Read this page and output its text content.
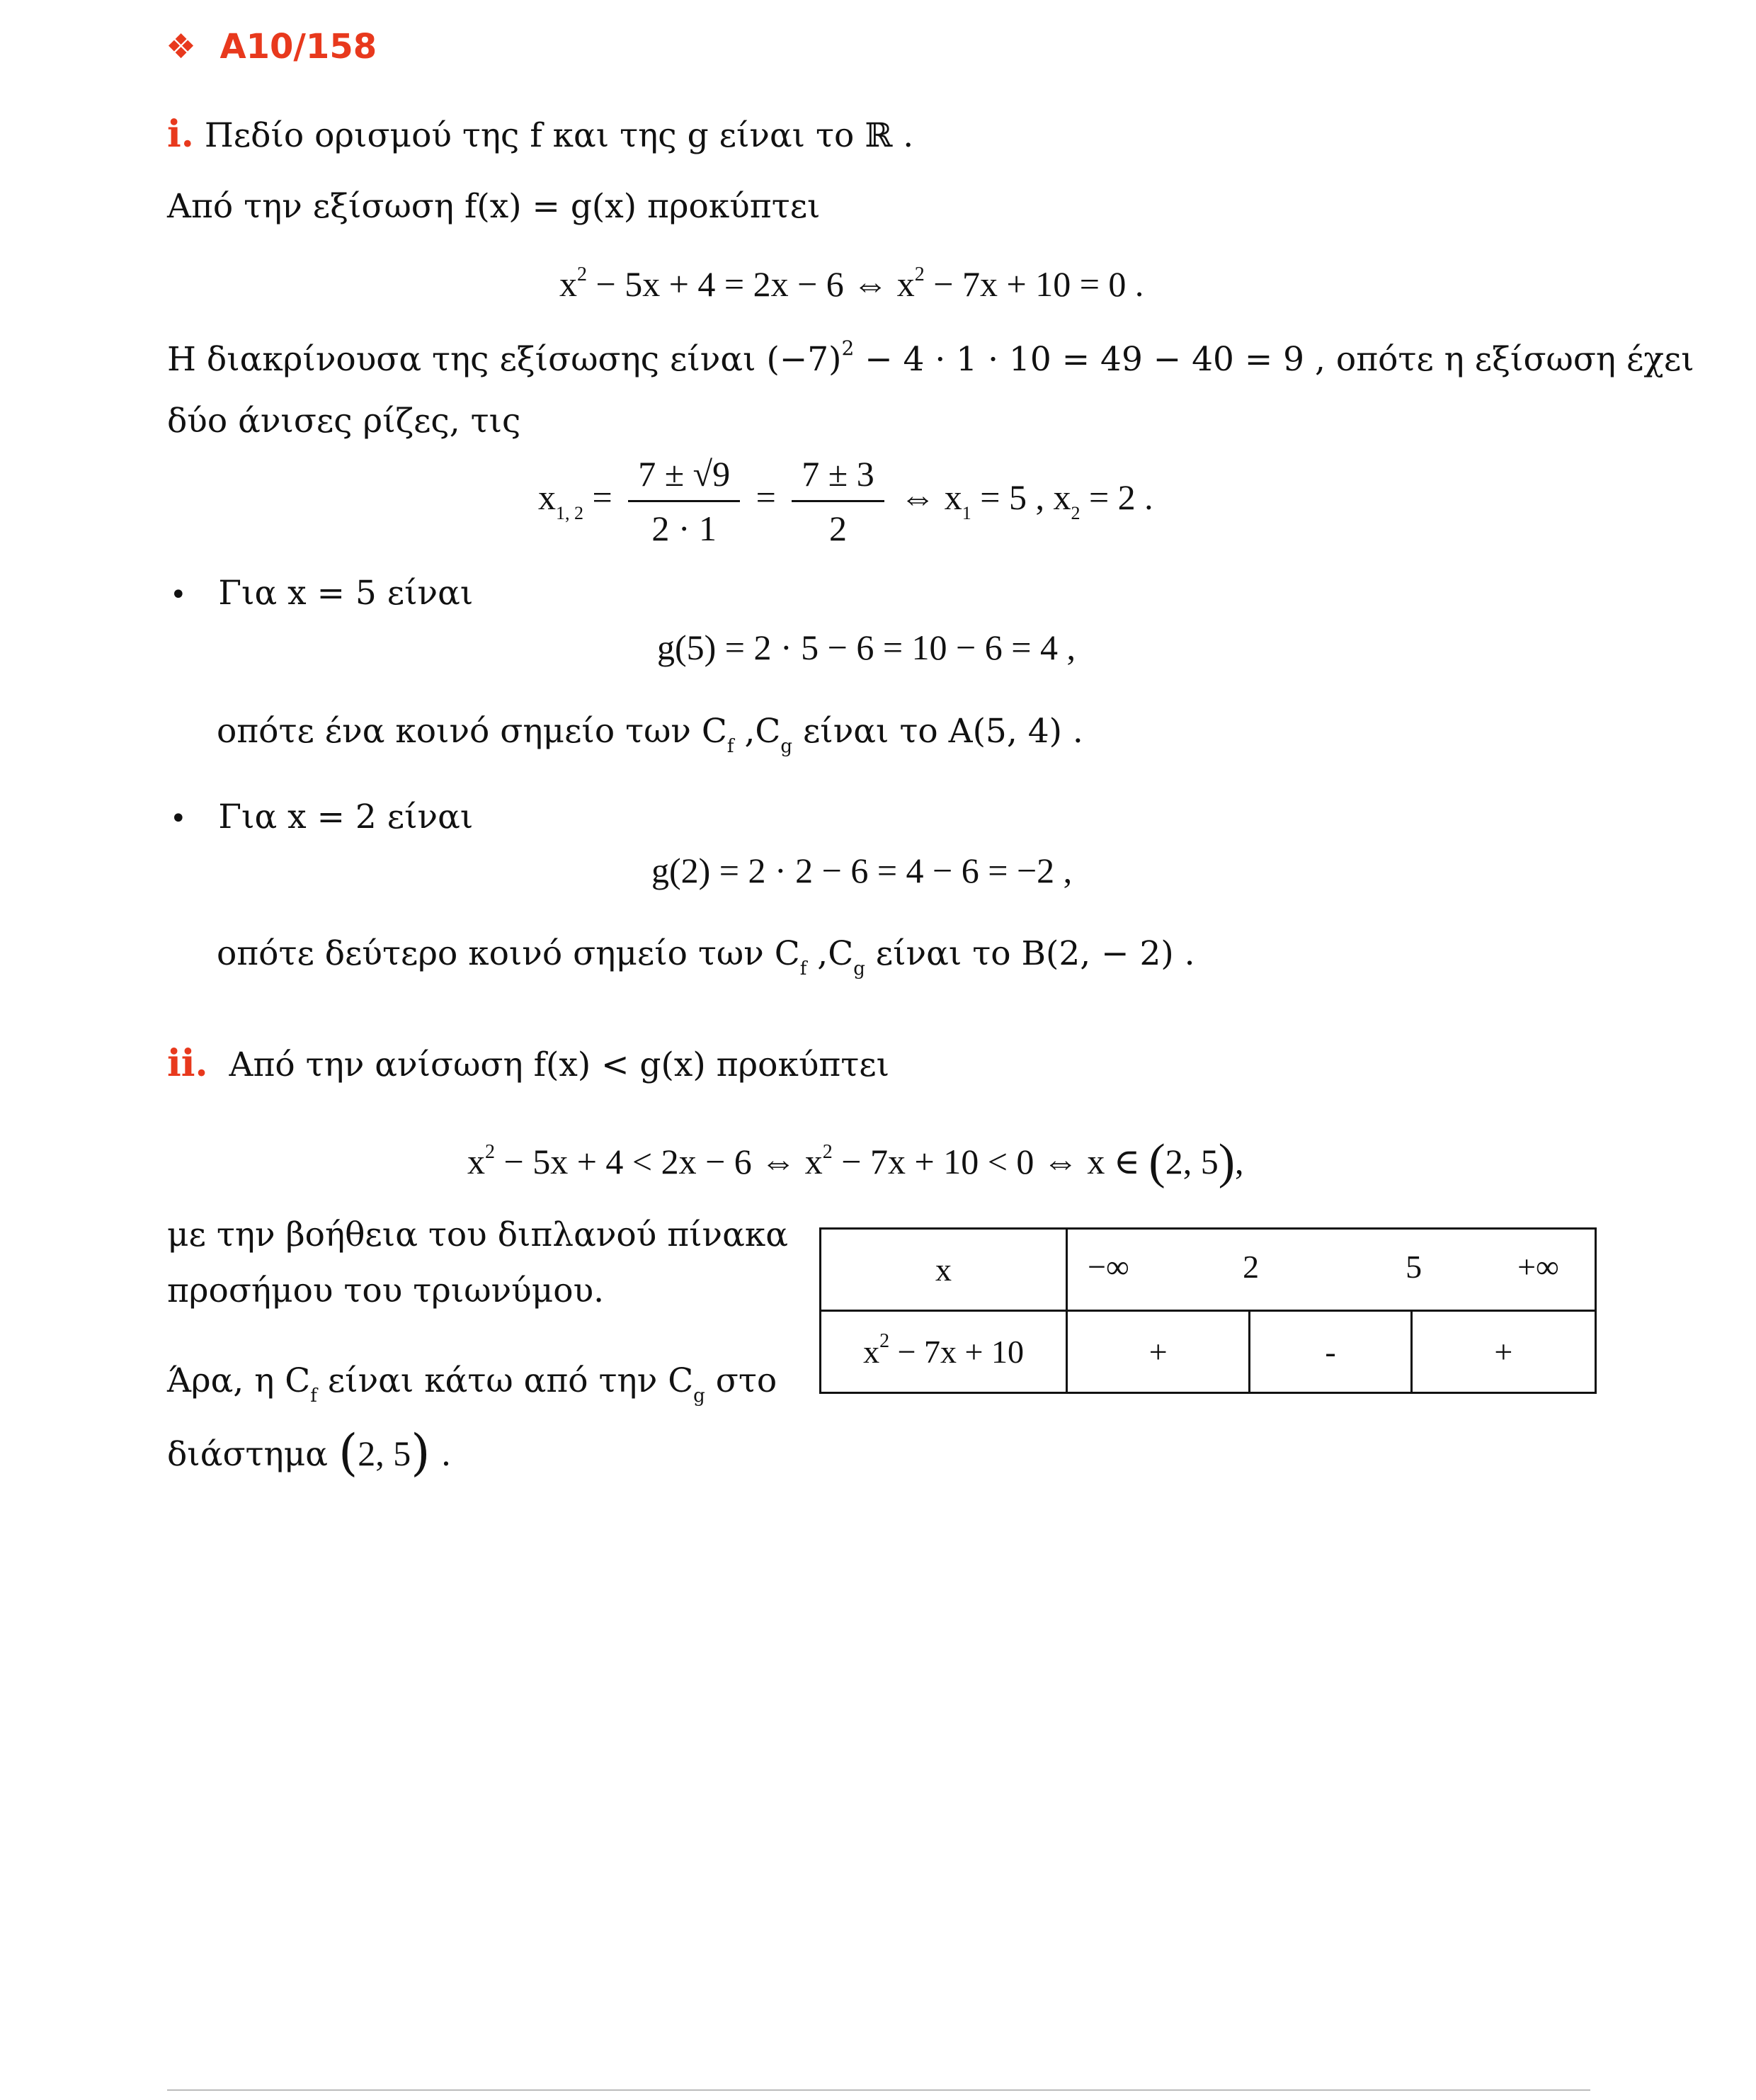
❖ A10/158
i. Πεδίο ορισμού της f και της g είναι το ℝ .
Από την εξίσωση f(x) = g(x) προκύπτει
$x^2 - 5x + 4 = 2x - 6$ ⇔ $x^2 - 7x + 10 = 0$ .
Η διακρίνουσα της εξίσωσης είναι $(-7)^2 - 4 \cdot 1 \cdot 10 = 49 - 40 = 9$ , οπότε η εξίσωση έχει
δύο άνισες ρίζες, τις
$x_{1, 2} = \frac{7 \pm √9}{2 \cdot 1} = \frac{7 \pm 3}{2}$ ⇔ $x_1 = 5$ , $x_2 = 2$ .
• Για x = 5 είναι
g(5) = 2 · 5 − 6 = 10 − 6 = 4 ,
οπότε ένα κοινό σημείο των $C_f$ $,C_g$ είναι το A(5, 4) .
• Για x = 2 είναι
g(2) = 2 · 2 − 6 = 4 − 6 = −2 ,
οπότε δεύτερο κοινό σημείο των $C_f$ $,C_g$ είναι το B(2, − 2) .
ii. Από την ανίσωση f(x) < g(x) προκύπτει
$x^2 - 5x + 4 < 2x - 6$ ⇔ $x^2 - 7x + 10 < 0$ ⇔ x ∈ (2, 5),
με την βοήθεια του διπλανού πίνακα
προσήμου του τριωνύμου.
Άρα, η $C_f$ είναι κάτω από την $C_g$ στο
διάστημα (2, 5) .
x	−∞ 2 5 +∞		

$x^2 - 7x + 10$	+	-	+
